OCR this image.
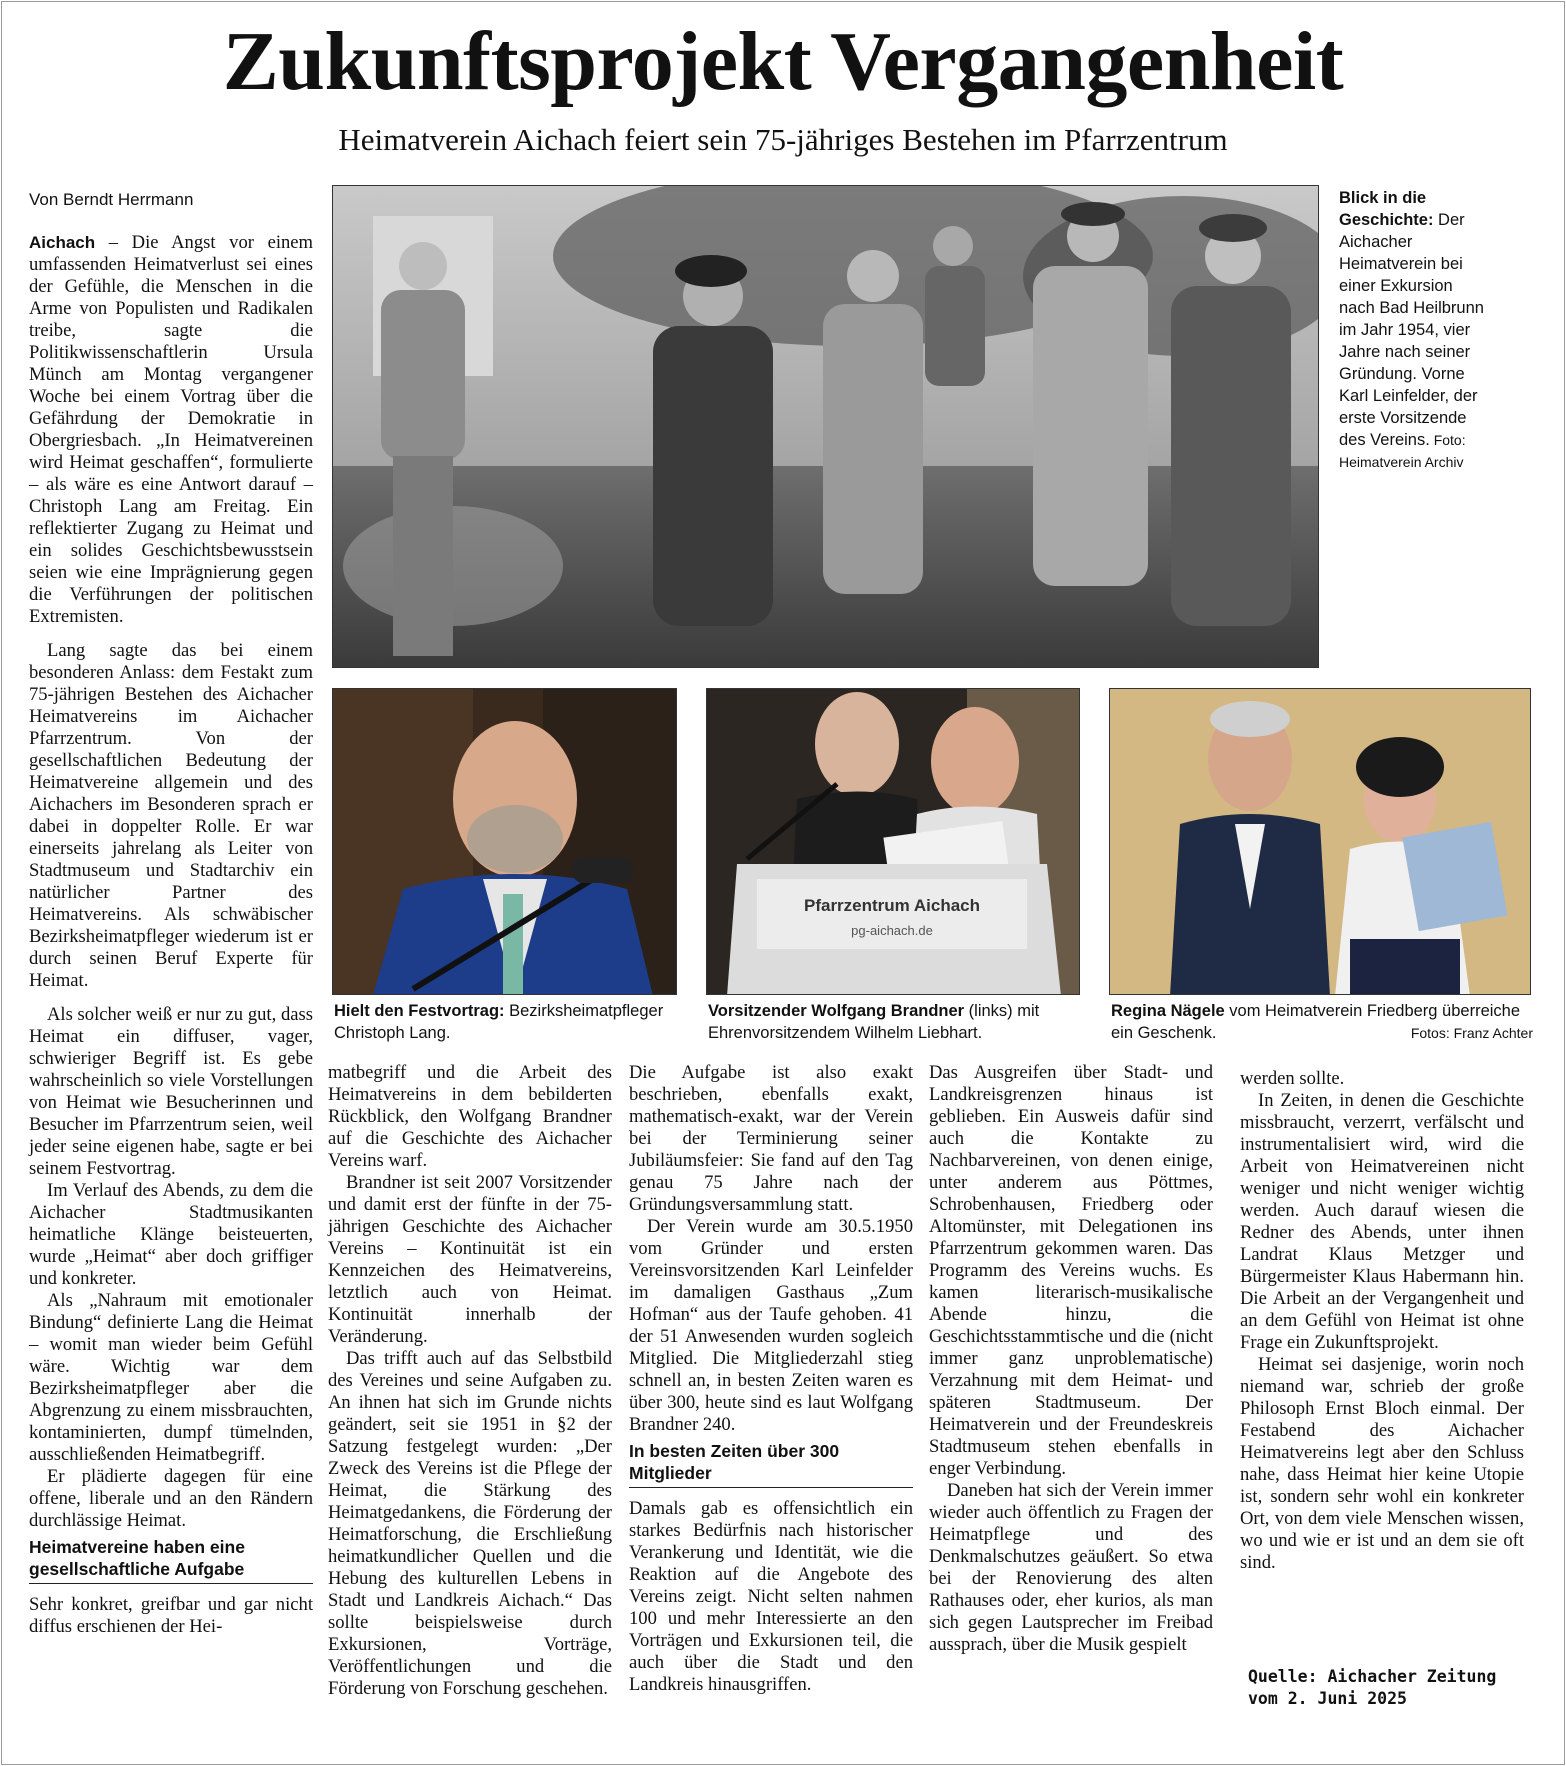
Zukunftsprojekt Vergangenheit
Heimatverein Aichach feiert sein 75-jähriges Bestehen im Pfarrzentrum
Von Berndt Herrmann

Aichach – Die Angst vor einem umfassenden Heimatverlust sei eines der Gefühle, die Menschen in die Arme von Populisten und Radikalen treibe, sagte die Politikwissenschaftlerin Ursula Münch am Montag vergangener Woche bei einem Vortrag über die Gefährdung der Demokratie in Obergriesbach. „In Heimatvereinen wird Heimat geschaffen“, formulierte – als wäre es eine Antwort darauf – Christoph Lang am Freitag. Ein reflektierter Zugang zu Heimat und ein solides Geschichtsbewusstsein seien wie eine Imprägnierung gegen die Verführungen der politischen Extremisten.

Lang sagte das bei einem besonderen Anlass: dem Festakt zum 75-jährigen Bestehen des Aichacher Heimatvereins im Aichacher Pfarrzentrum. Von der gesellschaftlichen Bedeutung der Heimatvereine allgemein und des Aichachers im Besonderen sprach er dabei in doppelter Rolle. Er war einerseits jahrelang als Leiter von Stadtmuseum und Stadtarchiv ein natürlicher Partner des Heimatvereins. Als schwäbischer Bezirksheimatpfleger wiederum ist er durch seinen Beruf Experte für Heimat.

Als solcher weiß er nur zu gut, dass Heimat ein diffuser, vager, schwieriger Begriff ist. Es gebe wahrscheinlich so viele Vorstellungen von Heimat wie Besucherinnen und Besucher im Pfarrzentrum seien, weil jeder seine eigenen habe, sagte er bei seinem Festvortrag.

Im Verlauf des Abends, zu dem die Aichacher Stadtmusikanten heimatliche Klänge beisteuerten, wurde „Heimat“ aber doch griffiger und konkreter.

Als „Nahraum mit emotionaler Bindung“ definierte Lang die Heimat – womit man wieder beim Gefühl wäre. Wichtig war dem Bezirksheimatpfleger aber die Abgrenzung zu einem missbrauchten, kontaminierten, dumpf tümelnden, ausschließenden Heimatbegriff.

Er plädierte dagegen für eine offene, liberale und an den Rändern durchlässige Heimat.

Heimatvereine haben eine gesellschaftliche Aufgabe

Sehr konkret, greifbar und gar nicht diffus erschienen der Hei-

matbegriff und die Arbeit des Heimatvereins in dem bebilderten Rückblick, den Wolfgang Brandner auf die Geschichte des Aichacher Vereins warf.

Brandner ist seit 2007 Vorsitzender und damit erst der fünfte in der 75-jährigen Geschichte des Aichacher Vereins – Kontinuität ist ein Kennzeichen des Heimatvereins, letztlich auch von Heimat. Kontinuität innerhalb der Veränderung.

Das trifft auch auf das Selbstbild des Vereines und seine Aufgaben zu. An ihnen hat sich im Grunde nichts geändert, seit sie 1951 in §2 der Satzung festgelegt wurden: „Der Zweck des Vereins ist die Pflege der Heimat, die Stärkung des Heimatgedankens, die Förderung der Heimatforschung, die Erschließung heimatkundlicher Quellen und die Hebung des kulturellen Lebens in Stadt und Landkreis Aichach.“ Das sollte beispielsweise durch Exkursionen, Vorträge, Veröffentlichungen und die Förderung von Forschung geschehen.

Die Aufgabe ist also exakt beschrieben, ebenfalls exakt, mathematisch-exakt, war der Verein bei der Terminierung seiner Jubiläumsfeier: Sie fand auf den Tag genau 75 Jahre nach der Gründungsversammlung statt.

Der Verein wurde am 30.5.1950 vom Gründer und ersten Vereinsvorsitzenden Karl Leinfelder im damaligen Gasthaus „Zum Hofman“ aus der Taufe gehoben. 41 der 51 Anwesenden wurden sogleich Mitglied. Die Mitgliederzahl stieg schnell an, in besten Zeiten waren es über 300, heute sind es laut Wolfgang Brandner 240.

In besten Zeiten über 300 Mitglieder

Damals gab es offensichtlich ein starkes Bedürfnis nach historischer Verankerung und Identität, wie die Reaktion auf die Angebote des Vereins zeigt. Nicht selten nahmen 100 und mehr Interessierte an den Vorträgen und Exkursionen teil, die auch über die Stadt und den Landkreis hinausgriffen.

Das Ausgreifen über Stadt- und Landkreisgrenzen hinaus ist geblieben. Ein Ausweis dafür sind auch die Kontakte zu Nachbarvereinen, von denen einige, unter anderem aus Pöttmes, Schrobenhausen, Friedberg oder Altomünster, mit Delegationen ins Pfarrzentrum gekommen waren. Das Programm des Vereins wuchs. Es kamen literarisch-musikalische Abende hinzu, die Geschichtsstammtische und die (nicht immer ganz unproblematische) Verzahnung mit dem Heimat- und späteren Stadtmuseum. Der Heimatverein und der Freundeskreis Stadtmuseum stehen ebenfalls in enger Verbindung.

Daneben hat sich der Verein immer wieder auch öffentlich zu Fragen der Heimatpflege und des Denkmalschutzes geäußert. So etwa bei der Renovierung des alten Rathauses oder, eher kurios, als man sich gegen Lautsprecher im Freibad aussprach, über die Musik gespielt

werden sollte.

In Zeiten, in denen die Geschichte missbraucht, verzerrt, verfälscht und instrumentalisiert wird, wird die Arbeit von Heimatvereinen nicht weniger und nicht weniger wichtig werden. Auch darauf wiesen die Redner des Abends, unter ihnen Landrat Klaus Metzger und Bürgermeister Klaus Habermann hin. Die Arbeit an der Vergangenheit und an dem Gefühl von Heimat ist ohne Frage ein Zukunftsprojekt.

Heimat sei dasjenige, worin noch niemand war, schrieb der große Philosoph Ernst Bloch einmal. Der Festabend des Aichacher Heimatvereins legt aber den Schluss nahe, dass Heimat hier keine Utopie ist, sondern sehr wohl ein konkreter Ort, von dem viele Menschen wissen, wo und wie er ist und an dem sie oft sind.

Blick in die Geschichte: Der Aichacher Heimatverein bei einer Exkursion nach Bad Heilbrunn im Jahr 1954, vier Jahre nach seiner Gründung. Vorne Karl Leinfelder, der erste Vorsitzende des Vereins. Foto: Heimatverein Archiv
Hielt den Festvortrag: Bezirksheimatpfleger Christoph Lang.
Pfarrzentrum Aichach
pg-aichach.de
Vorsitzender Wolfgang Brandner (links) mit Ehrenvorsitzendem Wilhelm Liebhart.
Regina Nägele vom Heimatverein Friedberg überreiche ein Geschenk.	Fotos: Franz Achter
Quelle: Aichacher Zeitung
vom 2. Juni 2025
